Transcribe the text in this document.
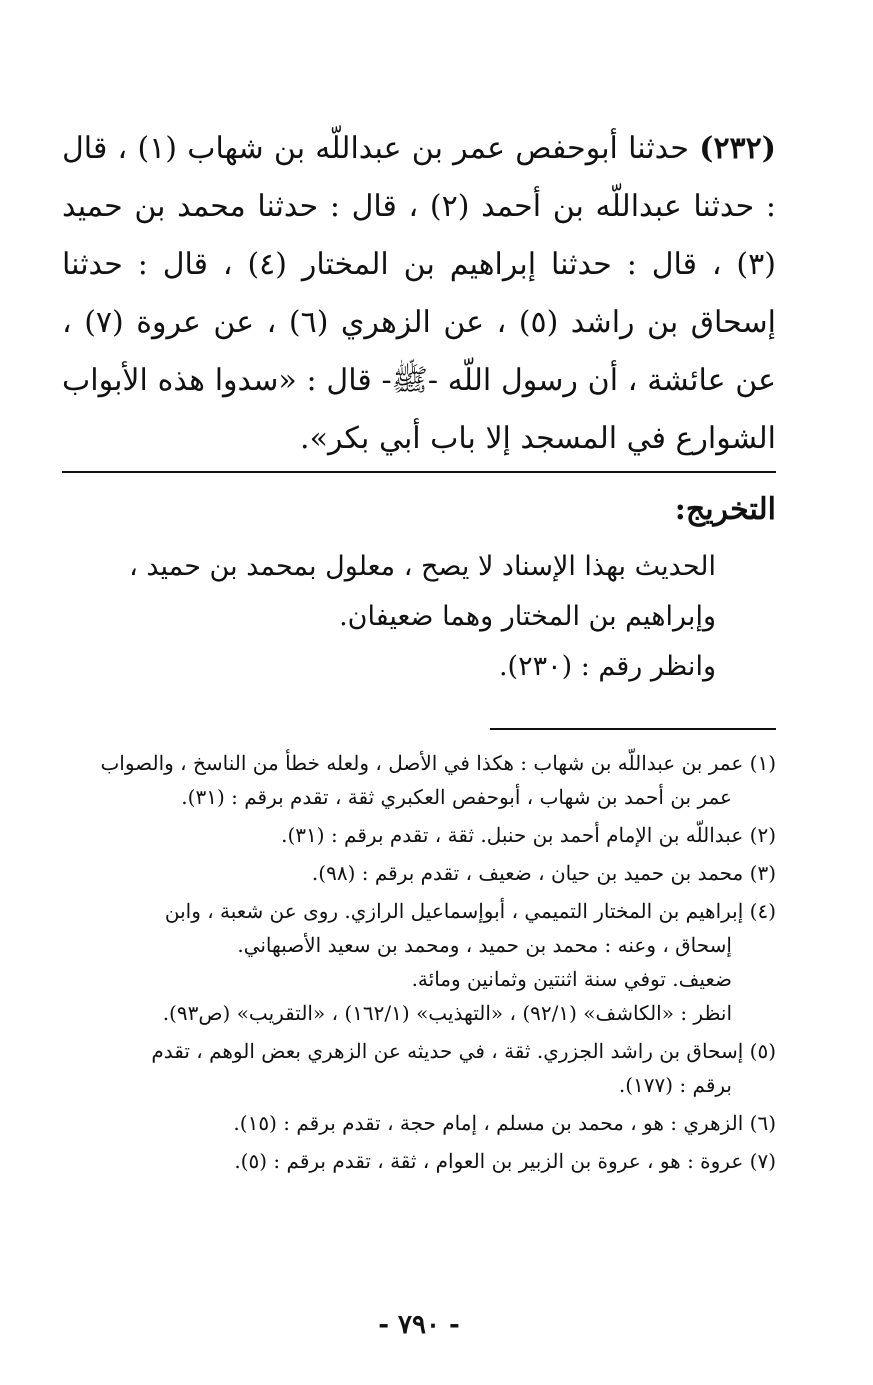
(٢٣٢) حدثنا أبوحفص عمر بن عبداللّه بن شهاب (١) ، قال : حدثنا عبداللّه بن أحمد (٢) ، قال : حدثنا محمد بن حميد (٣) ، قال : حدثنا إبراهيم بن المختار (٤) ، قال : حدثنا إسحاق بن راشد (٥) ، عن الزهري (٦) ، عن عروة (٧) ، عن عائشة ، أن رسول اللّه -ﷺ- قال : «سدوا هذه الأبواب الشوارع في المسجد إلا باب أبي بكر».
التخريج:

الحديث بهذا الإسناد لا يصح ، معلول بمحمد بن حميد ، وإبراهيم بن المختار وهما ضعيفان.

وانظر رقم : (٢٣٠).

(١) عمر بن عبداللّه بن شهاب : هكذا في الأصل ، ولعله خطأ من الناسخ ، والصواب

عمر بن أحمد بن شهاب ، أبوحفص العكبري ثقة ، تقدم برقم : (٣١).

(٢) عبداللّه بن الإمام أحمد بن حنبل. ثقة ، تقدم برقم : (٣١).

(٣) محمد بن حميد بن حيان ، ضعيف ، تقدم برقم : (٩٨).

(٤) إبراهيم بن المختار التميمي ، أبوإسماعيل الرازي. روى عن شعبة ، وابن

إسحاق ، وعنه : محمد بن حميد ، ومحمد بن سعيد الأصبهاني.

ضعيف. توفي سنة اثنتين وثمانين ومائة.

انظر : «الكاشف» (٩٢/١) ، «التهذيب» (١٦٢/١) ، «التقريب» (ص٩٣).

(٥) إسحاق بن راشد الجزري. ثقة ، في حديثه عن الزهري بعض الوهم ، تقدم

برقم : (١٧٧).

(٦) الزهري : هو ، محمد بن مسلم ، إمام حجة ، تقدم برقم : (١٥).

(٧) عروة : هو ، عروة بن الزبير بن العوام ، ثقة ، تقدم برقم : (٥).

- ٧٩٠ -
